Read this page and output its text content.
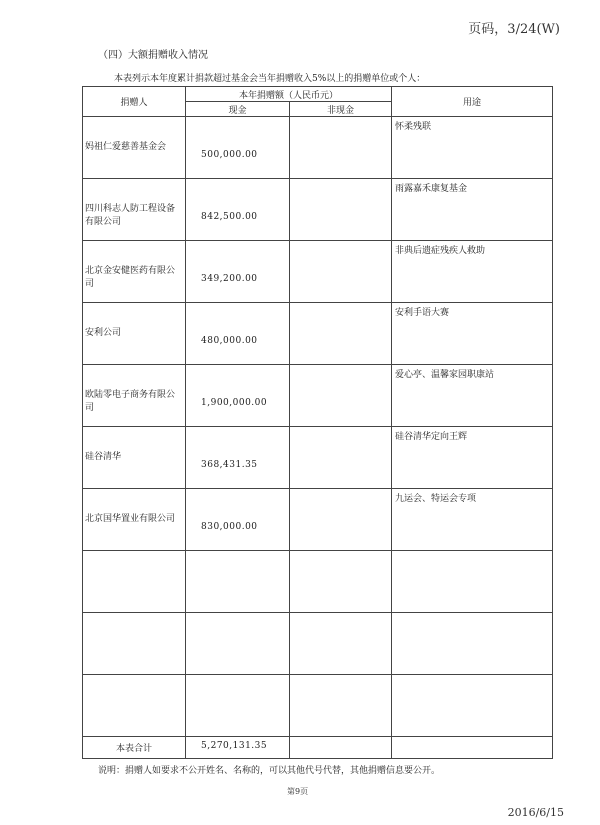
页码，3/24(W)
（四）大额捐赠收入情况
本表列示本年度累计捐款超过基金会当年捐赠收入5%以上的捐赠单位或个人：
捐赠人	本年捐赠额（人民币元）		用途
	现金	非现金	

妈祖仁爱慈善基金会	500,000.00		怀柔残联

四川科志人防工程设备有限公司	842,500.00		雨露嘉禾康复基金

北京金安健医药有限公司	349,200.00		非典后遗症残疾人救助

安利公司	480,000.00		安利手语大赛

欧陆零电子商务有限公司	1,900,000.00		爱心亭、温馨家园职康站

硅谷清华	368,431.35		硅谷清华定向王辉

北京国华置业有限公司	830,000.00		九运会、特运会专项

本表合计	5,270,131.35		
说明：捐赠人如要求不公开姓名、名称的，可以其他代号代替，其他捐赠信息要公开。
第9页
2016/6/15
